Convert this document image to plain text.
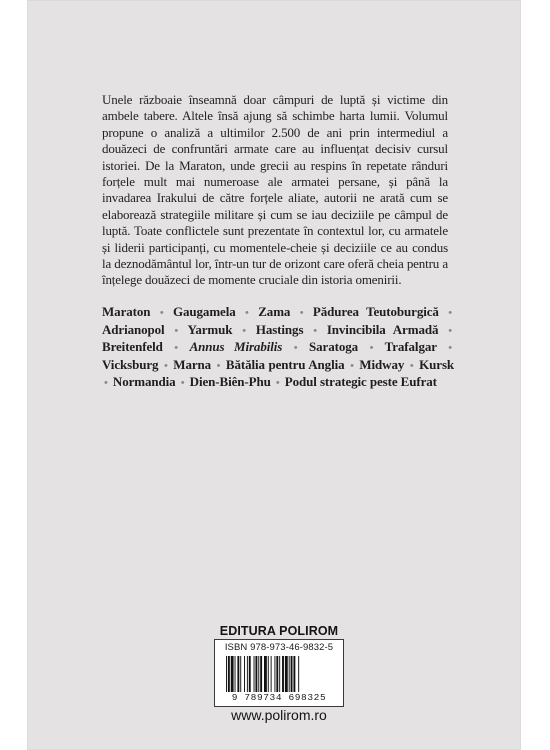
Unele războaie înseamnă doar câmpuri de luptă și victime din ambele tabere. Altele însă ajung să schimbe harta lumii. Volumul propune o analiză a ultimilor 2.500 de ani prin intermediul a douăzeci de confruntări armate care au influențat decisiv cursul istoriei. De la Maraton, unde grecii au respins în repetate rânduri forțele mult mai numeroase ale armatei persane, și până la invadarea Irakului de către forțele aliate, autorii ne arată cum se elaborează strategiile militare și cum se iau deciziile pe câmpul de luptă. Toate conflictele sunt prezentate în contextul lor, cu armatele și liderii participanți, cu momentele-cheie și deciziile ce au condus la deznodământul lor, într-un tur de orizont care oferă cheia pentru a înțelege douăzeci de momente cruciale din istoria omenirii.

Maraton • Gaugamela • Zama • Pădurea Teutoburgică • Adrianopol • Yarmuk • Hastings • Invincibila Armadă • Breitenfeld • Annus Mirabilis • Saratoga • Trafalgar • Vicksburg • Marna • Bătălia pentru Anglia • Midway • Kursk • Normandia • Dien-Biên-Phu • Podul strategic peste Eufrat

EDITURA POLIROM
ISBN 978-973-46-9832-5
9 789734 698325
www.polirom.ro
